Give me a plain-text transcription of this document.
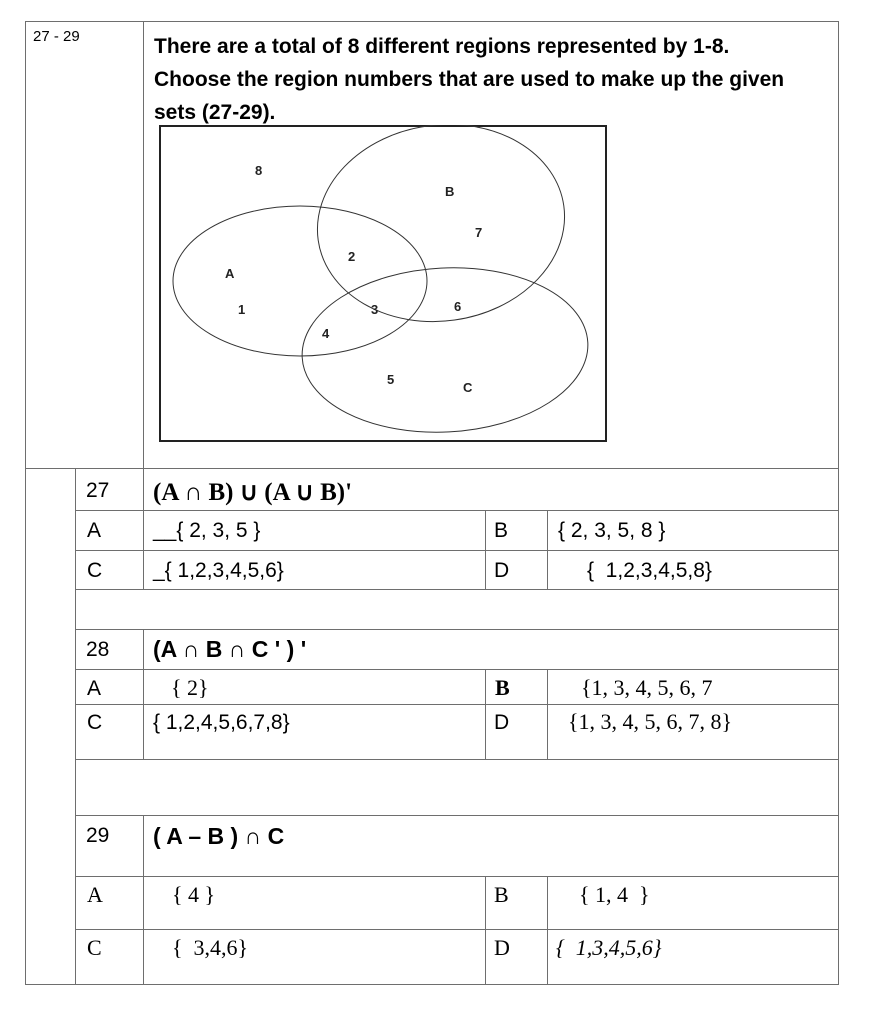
27 - 29	There are a total of 8 different regions represented by 1-8.
Choose the region numbers that are used to make up the given
sets (27-29).
A
B
C
1
2
3
4
5
6
7
8
27 (A ∩ B) ∪ (A ∪ B)'
A __{ 2, 3, 5 }	B { 2, 3, 5, 8 }
C _{ 1,2,3,4,5,6}	D	{  1,2,3,4,5,8}
28 (A ∩ B ∩ C ' ) '
A	{ 2}	B	{1, 3, 4, 5, 6, 7
C { 1,2,4,5,6,7,8}	D	{1, 3, 4, 5, 6, 7, 8}
29 ( A – B ) ∩ C
A	{ 4 }	B	{ 1, 4  }
C	{  3,4,6}	D {  1,3,4,5,6}
